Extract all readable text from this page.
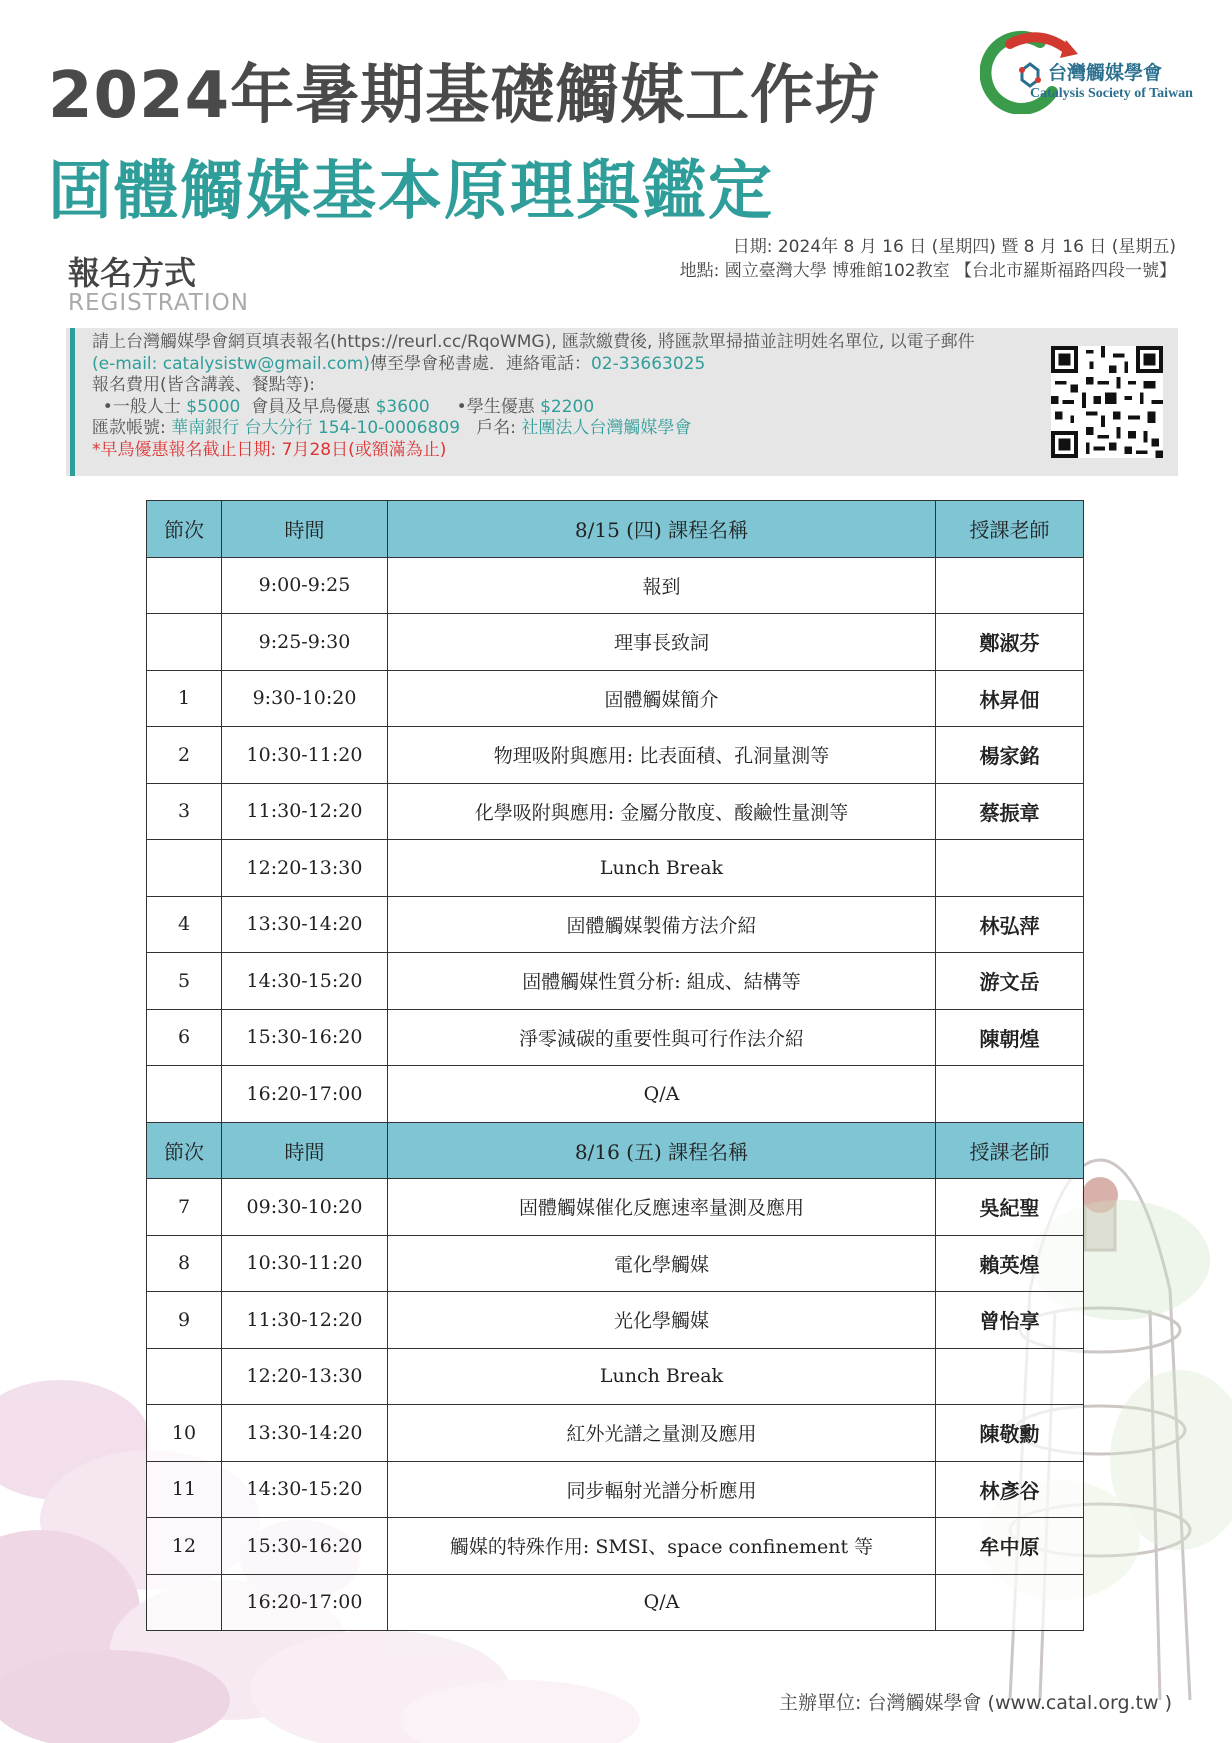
2024年暑期基礎觸媒工作坊
固體觸媒基本原理與鑑定
台灣觸媒學會
Catalysis Society of Taiwan
報名方式
REGISTRATION
日期: 2024年 8 月 16 日 (星期四) 暨 8 月 16 日 (星期五)
地點: 國立臺灣大學 博雅館102教室 【台北市羅斯福路四段一號】
請上台灣觸媒學會網頁填表報名(https://reurl.cc/RqoWMG), 匯款繳費後, 將匯款單掃描並註明姓名單位, 以電子郵件
(e-mail: catalysistw@gmail.com)傳至學會秘書處．連絡電話：02-33663025
報名費用(皆含講義、餐點等):
•一般人士 $5000  會員及早鳥優惠 $3600     •學生優惠 $2200
匯款帳號: 華南銀行 台大分行 154-10-0006809   戶名: 社團法人台灣觸媒學會
*早鳥優惠報名截止日期: 7月28日(或額滿為止)
節次	時間	8/15 (四) 課程名稱	授課老師
	9:00-9:25	報到	
	9:25-9:30	理事長致詞	鄭淑芬
1	9:30-10:20	固體觸媒簡介	林昇佃
2	10:30-11:20	物理吸附與應用: 比表面積、孔洞量測等	楊家銘
3	11:30-12:20	化學吸附與應用: 金屬分散度、酸鹼性量測等	蔡振章
	12:20-13:30	Lunch Break	
4	13:30-14:20	固體觸媒製備方法介紹	林弘萍
5	14:30-15:20	固體觸媒性質分析: 組成、結構等	游文岳
6	15:30-16:20	淨零減碳的重要性與可行作法介紹	陳朝煌
	16:20-17:00	Q/A	
節次	時間	8/16 (五) 課程名稱	授課老師
7	09:30-10:20	固體觸媒催化反應速率量測及應用	吳紀聖
8	10:30-11:20	電化學觸媒	賴英煌
9	11:30-12:20	光化學觸媒	曾怡享
	12:20-13:30	Lunch Break	
10	13:30-14:20	紅外光譜之量測及應用	陳敬勳
11	14:30-15:20	同步輻射光譜分析應用	林彥谷
12	15:30-16:20	觸媒的特殊作用: SMSI、space confinement 等	牟中原
	16:20-17:00	Q/A	
主辦單位: 台灣觸媒學會 (www.catal.org.tw )
